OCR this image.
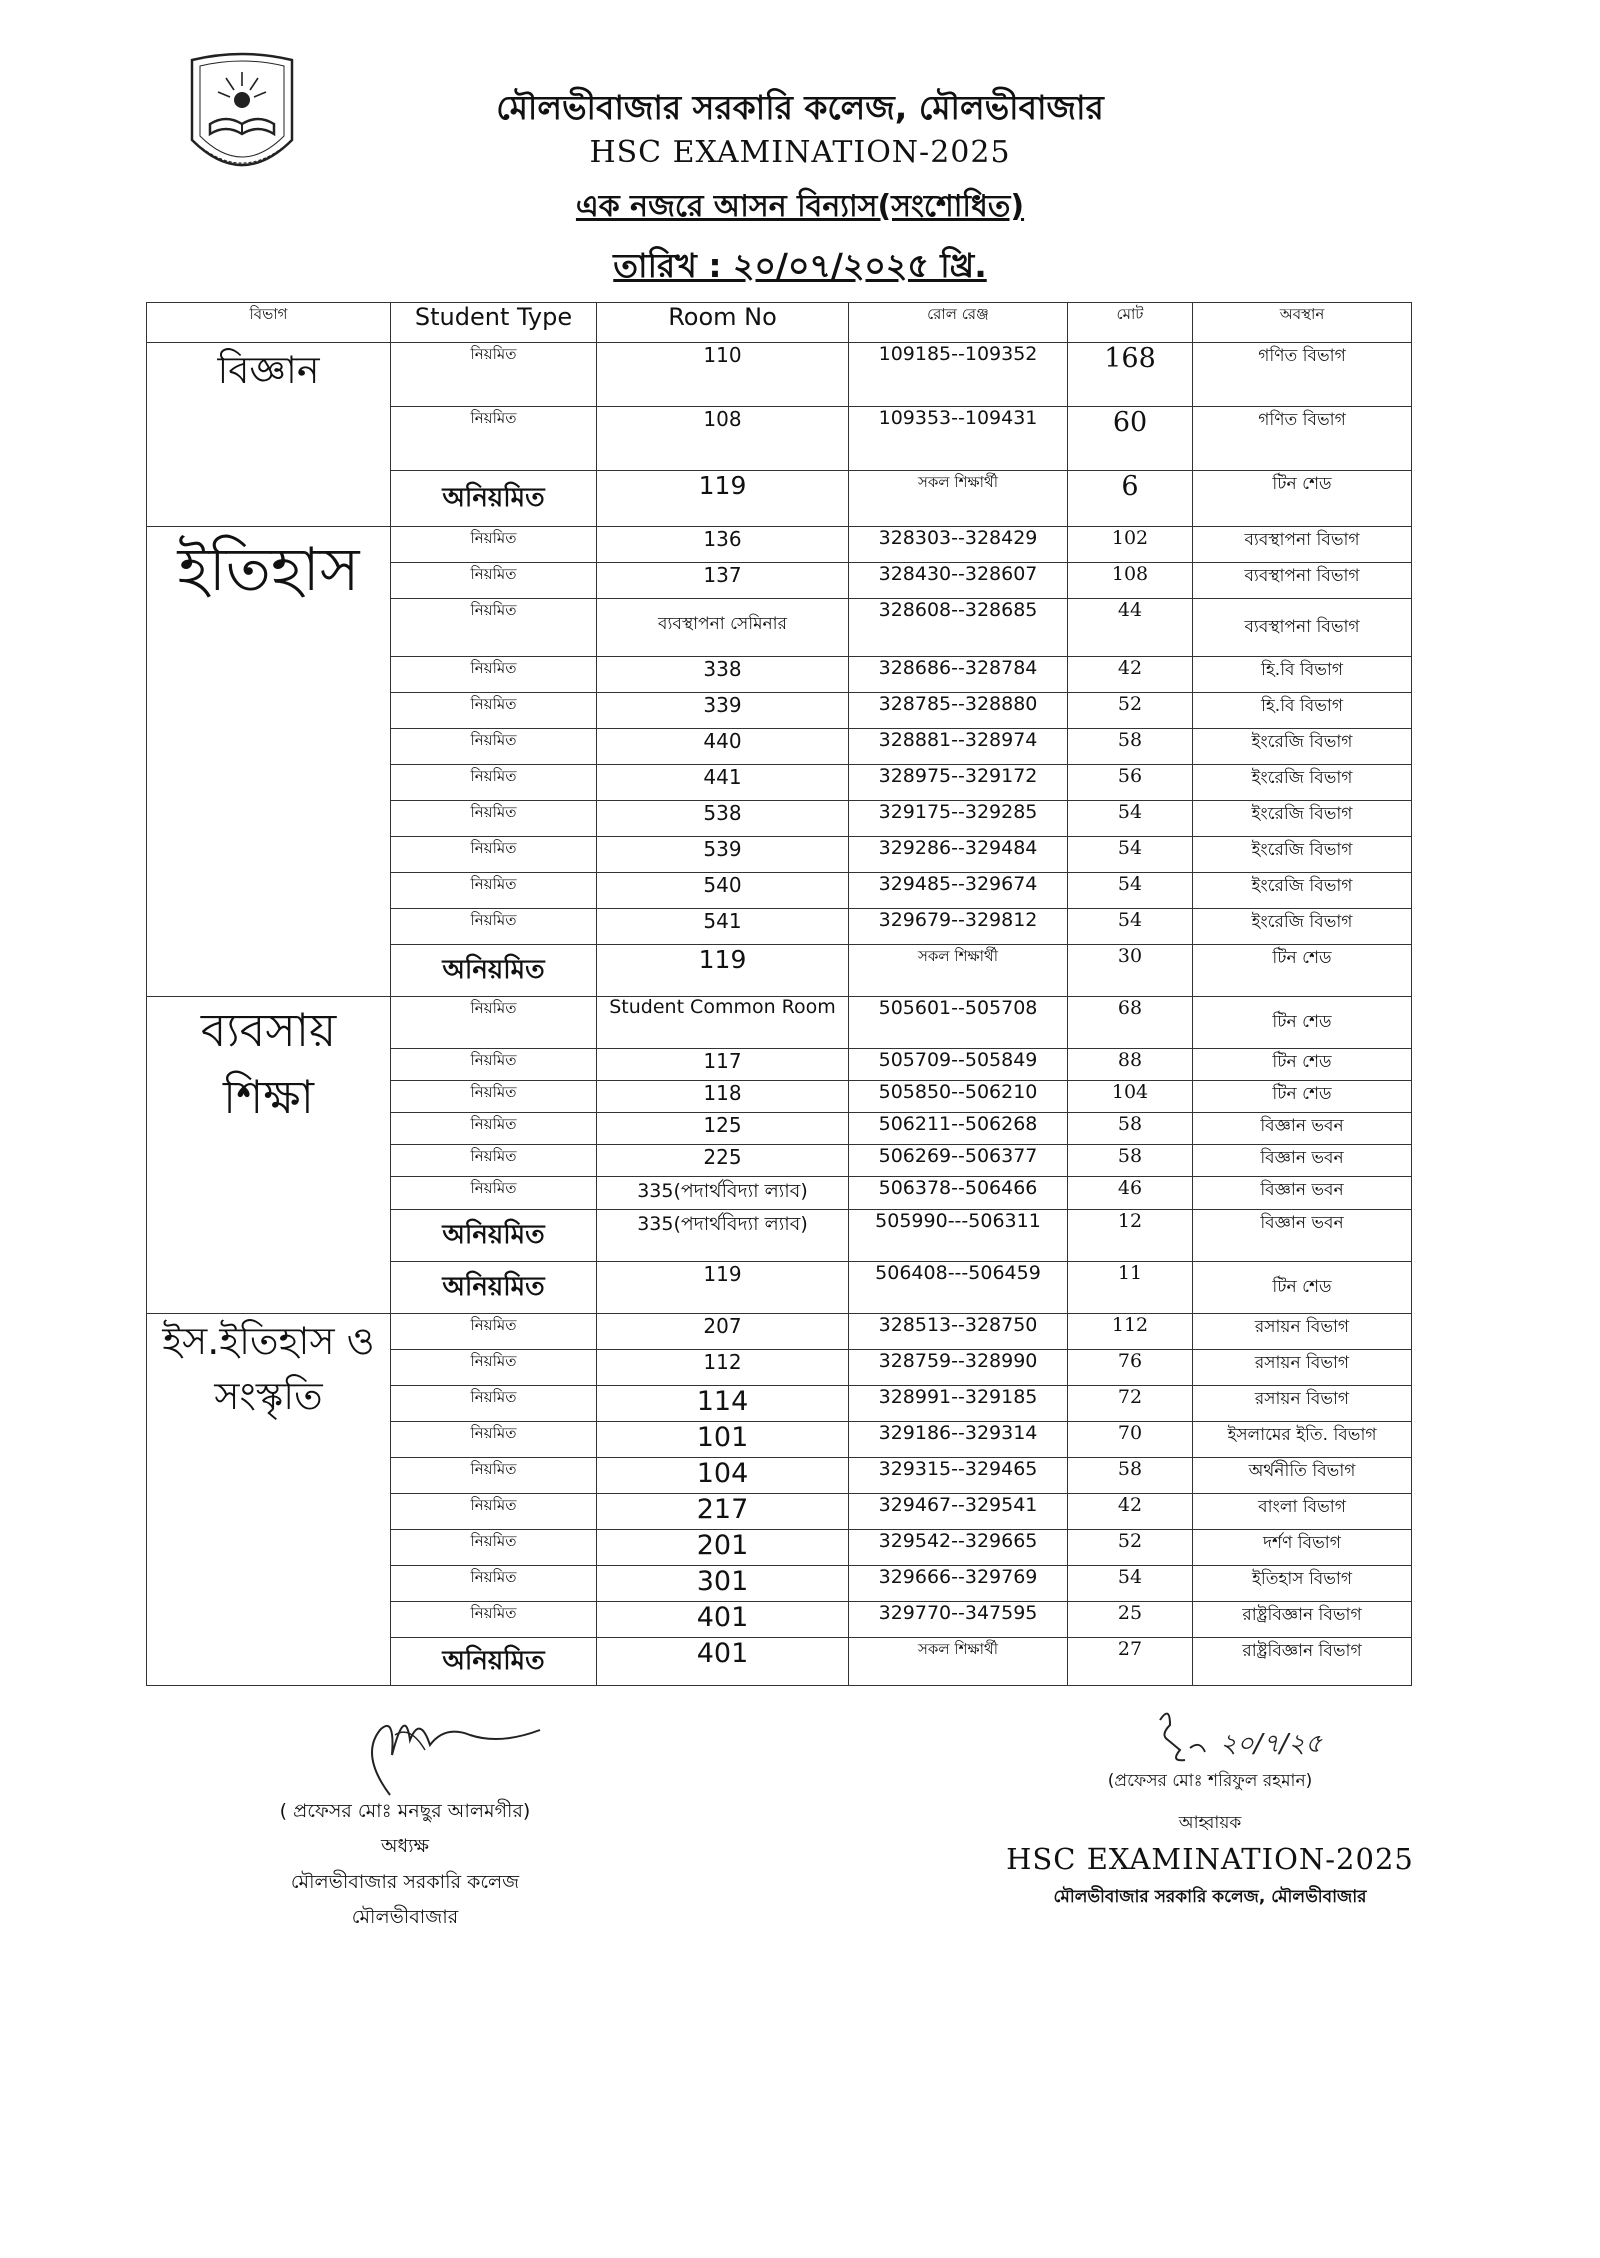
মৌলভীবাজার সরকারি কলেজ, মৌলভীবাজার
HSC EXAMINATION-2025
এক নজরে আসন বিন্যাস(সংশোধিত)
তারিখ : ২০/০৭/২০২৫ খ্রি.
বিভাগ	Student Type	Room No	রোল রেঞ্জ	মোট	অবস্থান
বিজ্ঞান	নিয়মিত	110	109185--109352	168	গণিত বিভাগ
	নিয়মিত	108	109353--109431	60	গণিত বিভাগ
	অনিয়মিত	119	সকল শিক্ষার্থী	6	টিন শেড
ইতিহাস	নিয়মিত	136	328303--328429	102	ব্যবস্থাপনা বিভাগ
	নিয়মিত	137	328430--328607	108	ব্যবস্থাপনা বিভাগ
	নিয়মিত	ব্যবস্থাপনা সেমিনার	328608--328685	44	ব্যবস্থাপনা বিভাগ
	নিয়মিত	338	328686--328784	42	হি.বি বিভাগ
	নিয়মিত	339	328785--328880	52	হি.বি বিভাগ
	নিয়মিত	440	328881--328974	58	ইংরেজি বিভাগ
	নিয়মিত	441	328975--329172	56	ইংরেজি বিভাগ
	নিয়মিত	538	329175--329285	54	ইংরেজি বিভাগ
	নিয়মিত	539	329286--329484	54	ইংরেজি বিভাগ
	নিয়মিত	540	329485--329674	54	ইংরেজি বিভাগ
	নিয়মিত	541	329679--329812	54	ইংরেজি বিভাগ
	অনিয়মিত	119	সকল শিক্ষার্থী	30	টিন শেড
ব্যবসায় শিক্ষা	নিয়মিত	Student Common Room	505601--505708	68	টিন শেড
	নিয়মিত	117	505709--505849	88	টিন শেড
	নিয়মিত	118	505850--506210	104	টিন শেড
	নিয়মিত	125	506211--506268	58	বিজ্ঞান ভবন
	নিয়মিত	225	506269--506377	58	বিজ্ঞান ভবন
	নিয়মিত	335(পদার্থবিদ্যা ল্যাব)	506378--506466	46	বিজ্ঞান ভবন
	অনিয়মিত	335(পদার্থবিদ্যা ল্যাব)	505990---506311	12	বিজ্ঞান ভবন
	অনিয়মিত	119	506408---506459	11	টিন শেড
ইস.ইতিহাস ও সংস্কৃতি	নিয়মিত	207	328513--328750	112	রসায়ন বিভাগ
	নিয়মিত	112	328759--328990	76	রসায়ন বিভাগ
	নিয়মিত	114	328991--329185	72	রসায়ন বিভাগ
	নিয়মিত	101	329186--329314	70	ইসলামের ইতি. বিভাগ
	নিয়মিত	104	329315--329465	58	অর্থনীতি বিভাগ
	নিয়মিত	217	329467--329541	42	বাংলা বিভাগ
	নিয়মিত	201	329542--329665	52	দর্শণ বিভাগ
	নিয়মিত	301	329666--329769	54	ইতিহাস বিভাগ
	নিয়মিত	401	329770--347595	25	রাষ্ট্রবিজ্ঞান বিভাগ
	অনিয়মিত	401	সকল শিক্ষার্থী	27	রাষ্ট্রবিজ্ঞান বিভাগ
২০/৭/২৫
( প্রফেসর মোঃ মনছুর আলমগীর)
অধ্যক্ষ
মৌলভীবাজার সরকারি কলেজ
মৌলভীবাজার
(প্রফেসর মোঃ শরিফুল রহমান)
আহ্বায়ক
HSC EXAMINATION-2025
মৌলভীবাজার সরকারি কলেজ, মৌলভীবাজার
